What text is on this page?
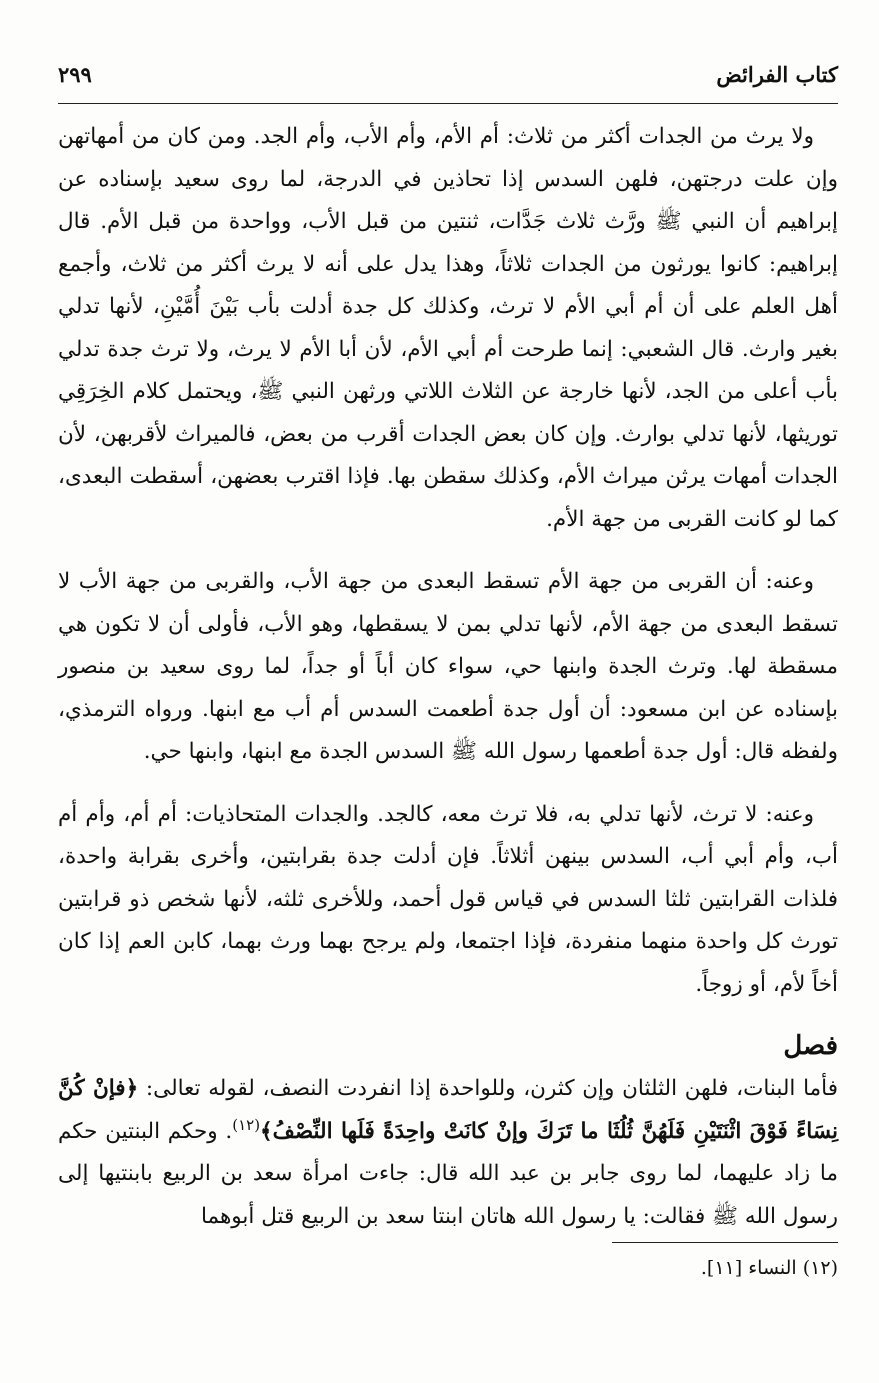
كتاب الفرائض
٢٩٩

ولا يرث من الجدات أكثر من ثلاث: أم الأم، وأم الأب، وأم الجد. ومن كان من أمهاتهن وإن علت درجتهن، فلهن السدس إذا تحاذين في الدرجة، لما روى سعيد بإسناده عن إبراهيم أن النبي ﷺ ورَّث ثلاث جَدَّات، ثنتين من قبل الأب، وواحدة من قبل الأم. قال إبراهيم: كانوا يورثون من الجدات ثلاثاً، وهذا يدل على أنه لا يرث أكثر من ثلاث، وأجمع أهل العلم على أن أم أبي الأم لا ترث، وكذلك كل جدة أدلت بأب بَيْنَ أُمَّيْنِ، لأنها تدلي بغير وارث. قال الشعبي: إنما طرحت أم أبي الأم، لأن أبا الأم لا يرث، ولا ترث جدة تدلي بأب أعلى من الجد، لأنها خارجة عن الثلاث اللاتي ورثهن النبي ﷺ، ويحتمل كلام الخِرَقِي توريثها، لأنها تدلي بوارث. وإن كان بعض الجدات أقرب من بعض، فالميراث لأقربهن، لأن الجدات أمهات يرثن ميراث الأم، وكذلك سقطن بها. فإذا اقترب بعضهن، أسقطت البعدى، كما لو كانت القربى من جهة الأم.

وعنه: أن القربى من جهة الأم تسقط البعدى من جهة الأب، والقربى من جهة الأب لا تسقط البعدى من جهة الأم، لأنها تدلي بمن لا يسقطها، وهو الأب، فأولى أن لا تكون هي مسقطة لها. وترث الجدة وابنها حي، سواء كان أباً أو جداً، لما روى سعيد بن منصور بإسناده عن ابن مسعود: أن أول جدة أطعمت السدس أم أب مع ابنها. ورواه الترمذي، ولفظه قال: أول جدة أطعمها رسول الله ﷺ السدس الجدة مع ابنها، وابنها حي.

وعنه: لا ترث، لأنها تدلي به، فلا ترث معه، كالجد. والجدات المتحاذيات: أم أم، وأم أم أب، وأم أبي أب، السدس بينهن أثلاثاً. فإن أدلت جدة بقرابتين، وأخرى بقرابة واحدة، فلذات القرابتين ثلثا السدس في قياس قول أحمد، وللأخرى ثلثه، لأنها شخص ذو قرابتين تورث كل واحدة منهما منفردة، فإذا اجتمعا، ولم يرجح بهما ورث بهما، كابن العم إذا كان أخاً لأم، أو زوجاً.

فصل

فأما البنات، فلهن الثلثان وإن كثرن، وللواحدة إذا انفردت النصف، لقوله تعالى: ﴿فإنْ كُنَّ نِسَاءً فَوْقَ اثْنَتَيْنِ فَلَهُنَّ ثُلُثَا ما تَرَكَ وإنْ كانَتْ واحِدَةً فَلَها النِّصْفُ﴾$^{(١٢)}$. وحكم البنتين حكم ما زاد عليهما، لما روى جابر بن عبد الله قال: جاءت امرأة سعد بن الربيع بابنتيها إلى رسول الله ﷺ فقالت: يا رسول الله هاتان ابنتا سعد بن الربيع قتل أبوهما

(١٢) النساء [١١].
